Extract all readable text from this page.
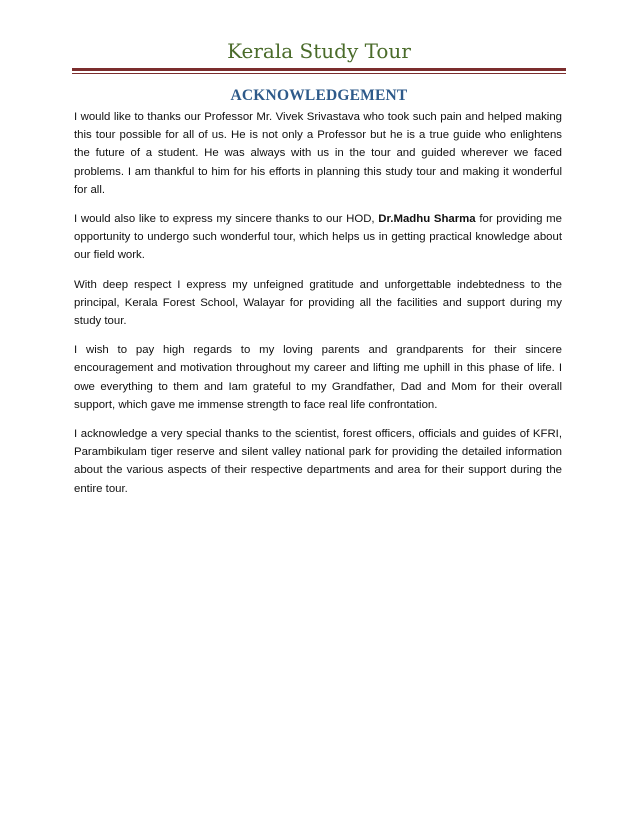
Kerala Study Tour
ACKNOWLEDGEMENT

I would like to thanks our Professor Mr. Vivek Srivastava who took such pain and helped making this tour possible for all of us. He is not only a Professor but he is a true guide who enlightens the future of a student. He was always with us in the tour and guided wherever we faced problems. I am thankful to him for his efforts in planning this study tour and making it wonderful for all.

I would also like to express my sincere thanks to our HOD, Dr.Madhu Sharma for providing me opportunity to undergo such wonderful tour, which helps us in getting practical knowledge about our field work.

With deep respect I express my unfeigned gratitude and unforgettable indebtedness to the principal, Kerala Forest School, Walayar for providing all the facilities and support during my study tour.

I wish to pay high regards to my loving parents and grandparents for their sincere encouragement and motivation throughout my career and lifting me uphill in this phase of life. I owe everything to them and Iam grateful to my Grandfather, Dad and Mom for their overall support, which gave me immense strength to face real life confrontation.

I acknowledge a very special thanks to the scientist, forest officers, officials and guides of KFRI, Parambikulam tiger reserve and silent valley national park for providing the detailed information about the various aspects of their respective departments and area for their support during the entire tour.
